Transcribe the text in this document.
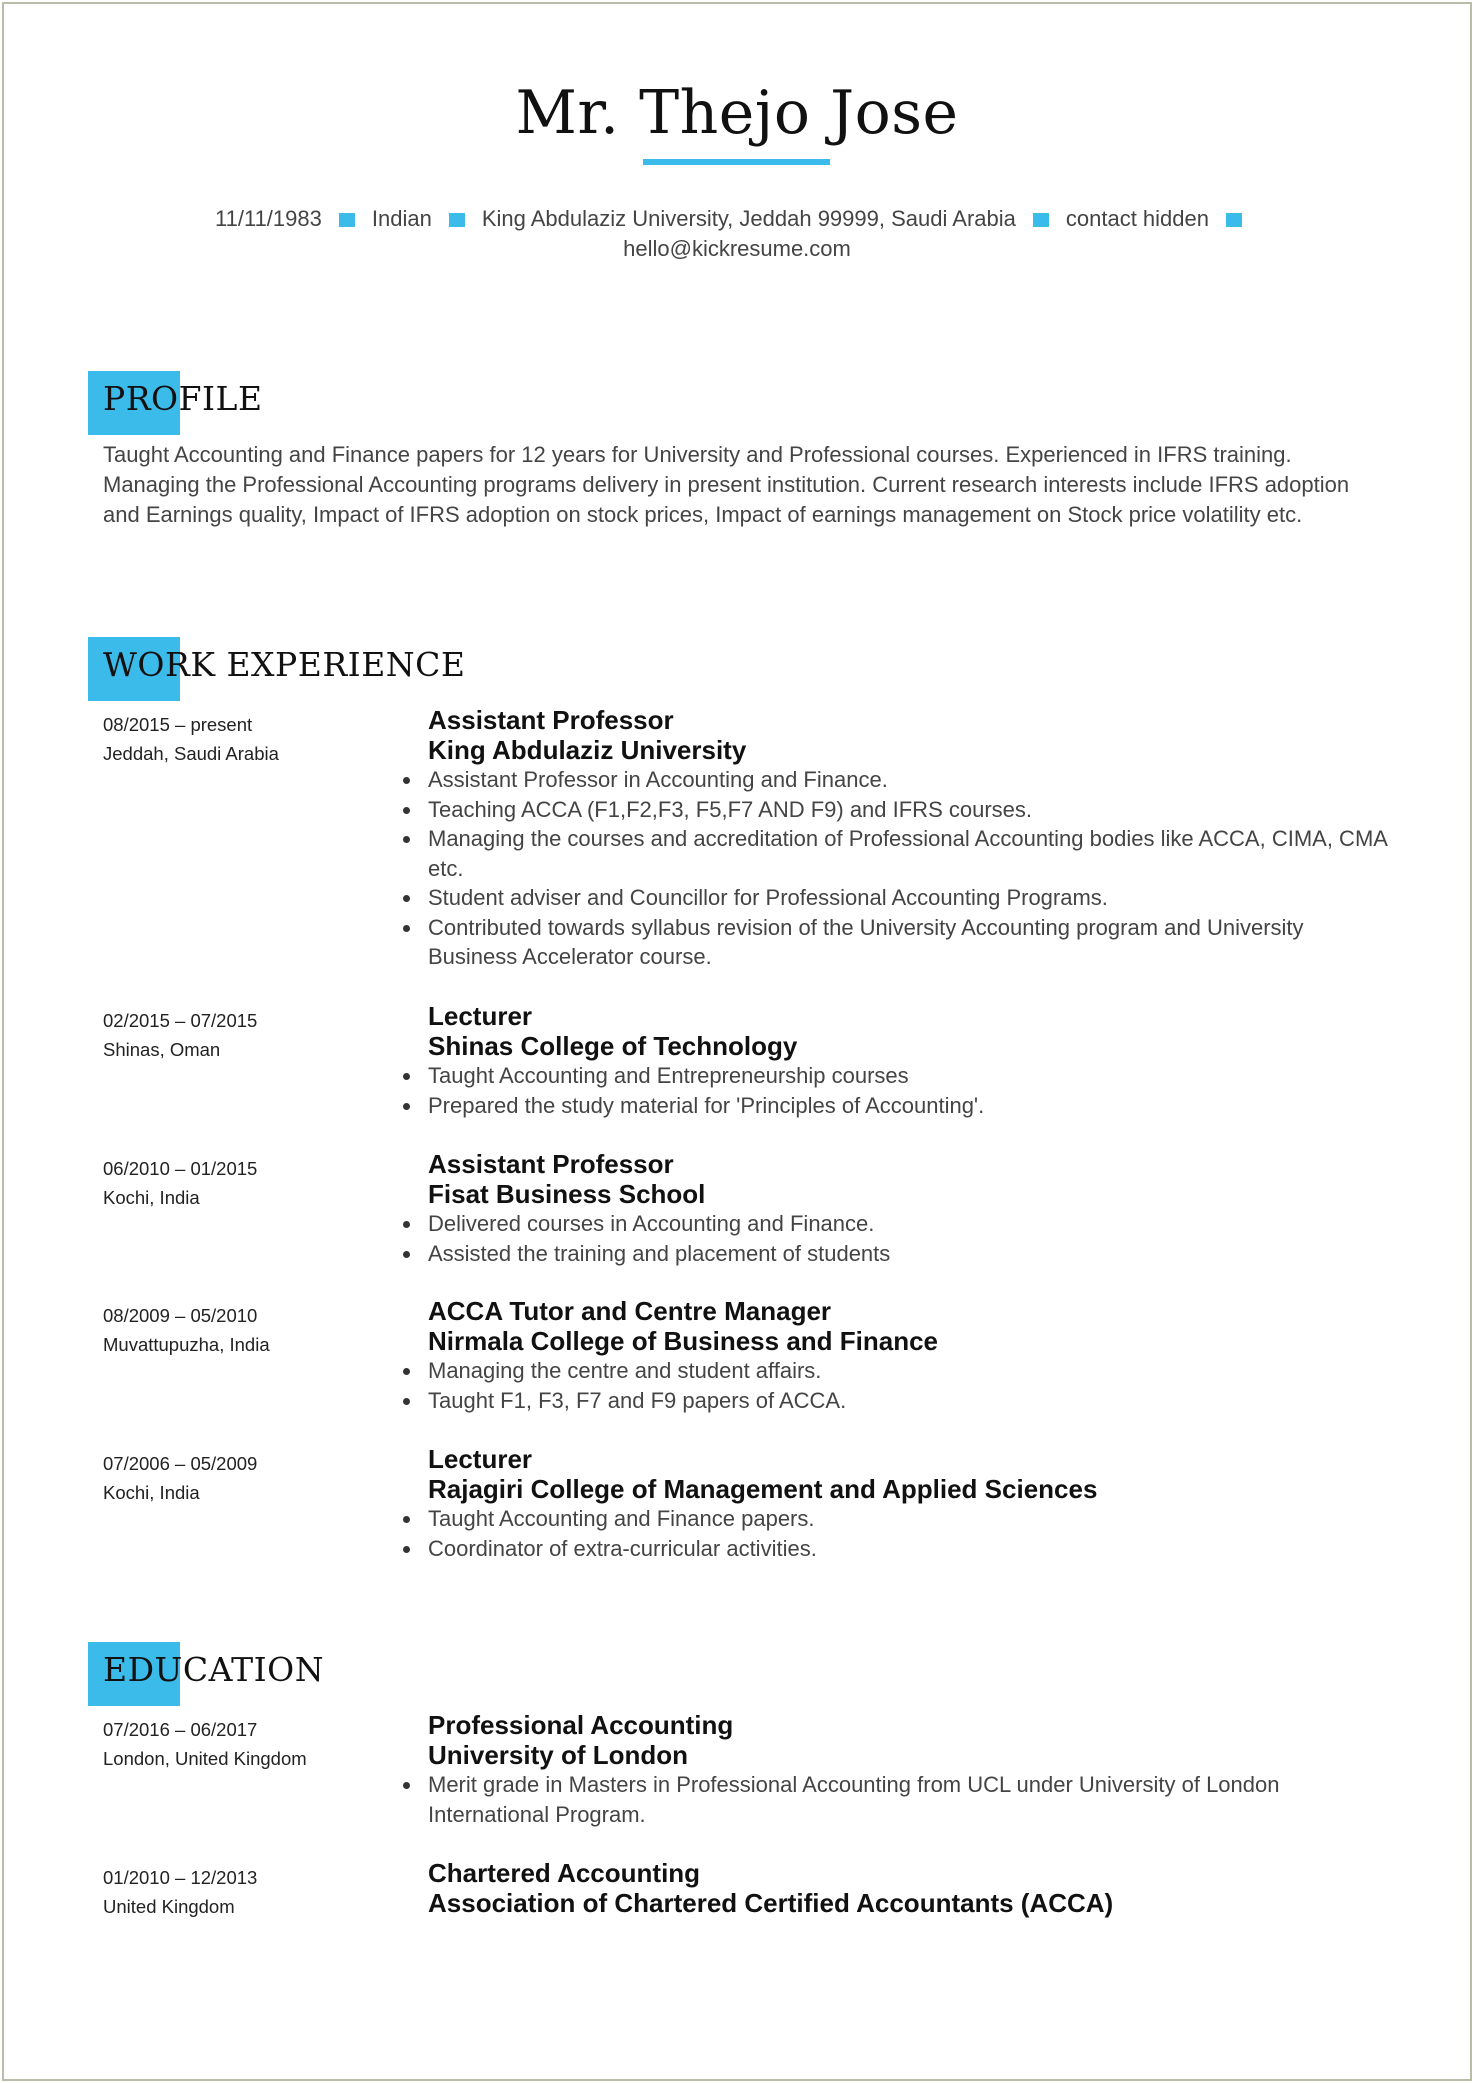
Mr. Thejo Jose
11/11/1983 Indian King Abdulaziz University, Jeddah 99999, Saudi Arabia contact hidden
hello@kickresume.com
PROFILE
Taught Accounting and Finance papers for 12 years for University and Professional courses. Experienced in IFRS training. Managing the Professional Accounting programs delivery in present institution. Current research interests include IFRS adoption and Earnings quality, Impact of IFRS adoption on stock prices, Impact of earnings management on Stock price volatility etc.
WORK EXPERIENCE
08/2015 – present
Jeddah, Saudi Arabia
Assistant Professor
King Abdulaziz University
Assistant Professor in Accounting and Finance.
Teaching ACCA (F1,F2,F3, F5,F7 AND F9) and IFRS courses.
Managing the courses and accreditation of Professional Accounting bodies like ACCA, CIMA, CMA etc.
Student adviser and Councillor for Professional Accounting Programs.
Contributed towards syllabus revision of the University Accounting program and University Business Accelerator course.
02/2015 – 07/2015
Shinas, Oman
Lecturer
Shinas College of Technology
Taught Accounting and Entrepreneurship courses
Prepared the study material for 'Principles of Accounting'.
06/2010 – 01/2015
Kochi, India
Assistant Professor
Fisat Business School
Delivered courses in Accounting and Finance.
Assisted the training and placement of students
08/2009 – 05/2010
Muvattupuzha, India
ACCA Tutor and Centre Manager
Nirmala College of Business and Finance
Managing the centre and student affairs.
Taught F1, F3, F7 and F9 papers of ACCA.
07/2006 – 05/2009
Kochi, India
Lecturer
Rajagiri College of Management and Applied Sciences
Taught Accounting and Finance papers.
Coordinator of extra-curricular activities.
EDUCATION
07/2016 – 06/2017
London, United Kingdom
Professional Accounting
University of London
Merit grade in Masters in Professional Accounting from UCL under University of London International Program.
01/2010 – 12/2013
United Kingdom
Chartered Accounting
Association of Chartered Certified Accountants (ACCA)
